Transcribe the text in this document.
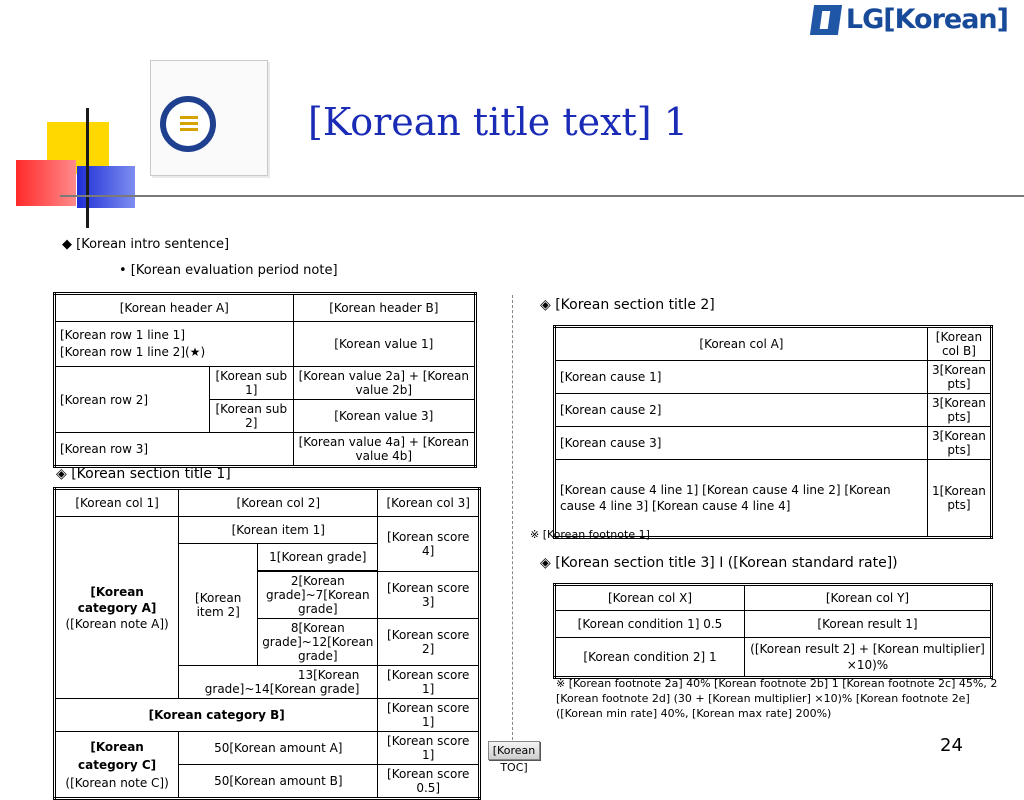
LG[Korean]
[Korean title text] 1
◆ [Korean intro sentence]
• [Korean evaluation period note]
[Korean header A]		[Korean header B]
[Korean row 1 line 1]
[Korean row 1 line 2](★)		[Korean value 1]
[Korean row 2]	[Korean sub 1]	[Korean value 2a] + [Korean value 2b]
	[Korean sub 2]	[Korean value 3]
[Korean row 3]		[Korean value 4a] + [Korean value 4b]
◈ [Korean section title 1]
[Korean col 1]	[Korean col 2]		[Korean col 3]
[Korean category A]
([Korean note A])	[Korean item 1]		[Korean score 4]
	[Korean item 2]	1[Korean grade]	

		2[Korean grade]~7[Korean grade]	[Korean score 3]
		8[Korean grade]~12[Korean grade]	[Korean score 2]
	13[Korean grade]~14[Korean grade]		[Korean score 1]
[Korean category B]			[Korean score 1]
[Korean category C]
([Korean note C])	50[Korean amount A]		[Korean score 1]
	50[Korean amount B]		[Korean score 0.5]
◈ [Korean section title 2]
[Korean col A]	[Korean col B]
[Korean cause 1]	3[Korean pts]
[Korean cause 2]	3[Korean pts]
[Korean cause 3]	3[Korean pts]
[Korean cause 4 line 1] [Korean cause 4 line 2] [Korean cause 4 line 3] [Korean cause 4 line 4]	1[Korean pts]
※ [Korean footnote 1]
◈ [Korean section title 3] I ([Korean standard rate])
[Korean col X]	[Korean col Y]
[Korean condition 1] 0.5	[Korean result 1]
[Korean condition 2] 1	([Korean result 2] + [Korean multiplier] ×10)%
※ [Korean footnote 2a] 40% [Korean footnote 2b] 1 [Korean footnote 2c] 45%, 2
[Korean footnote 2d] (30 + [Korean multiplier] ×10)% [Korean footnote 2e]
([Korean min rate] 40%, [Korean max rate] 200%)
[Korean TOC]
24
